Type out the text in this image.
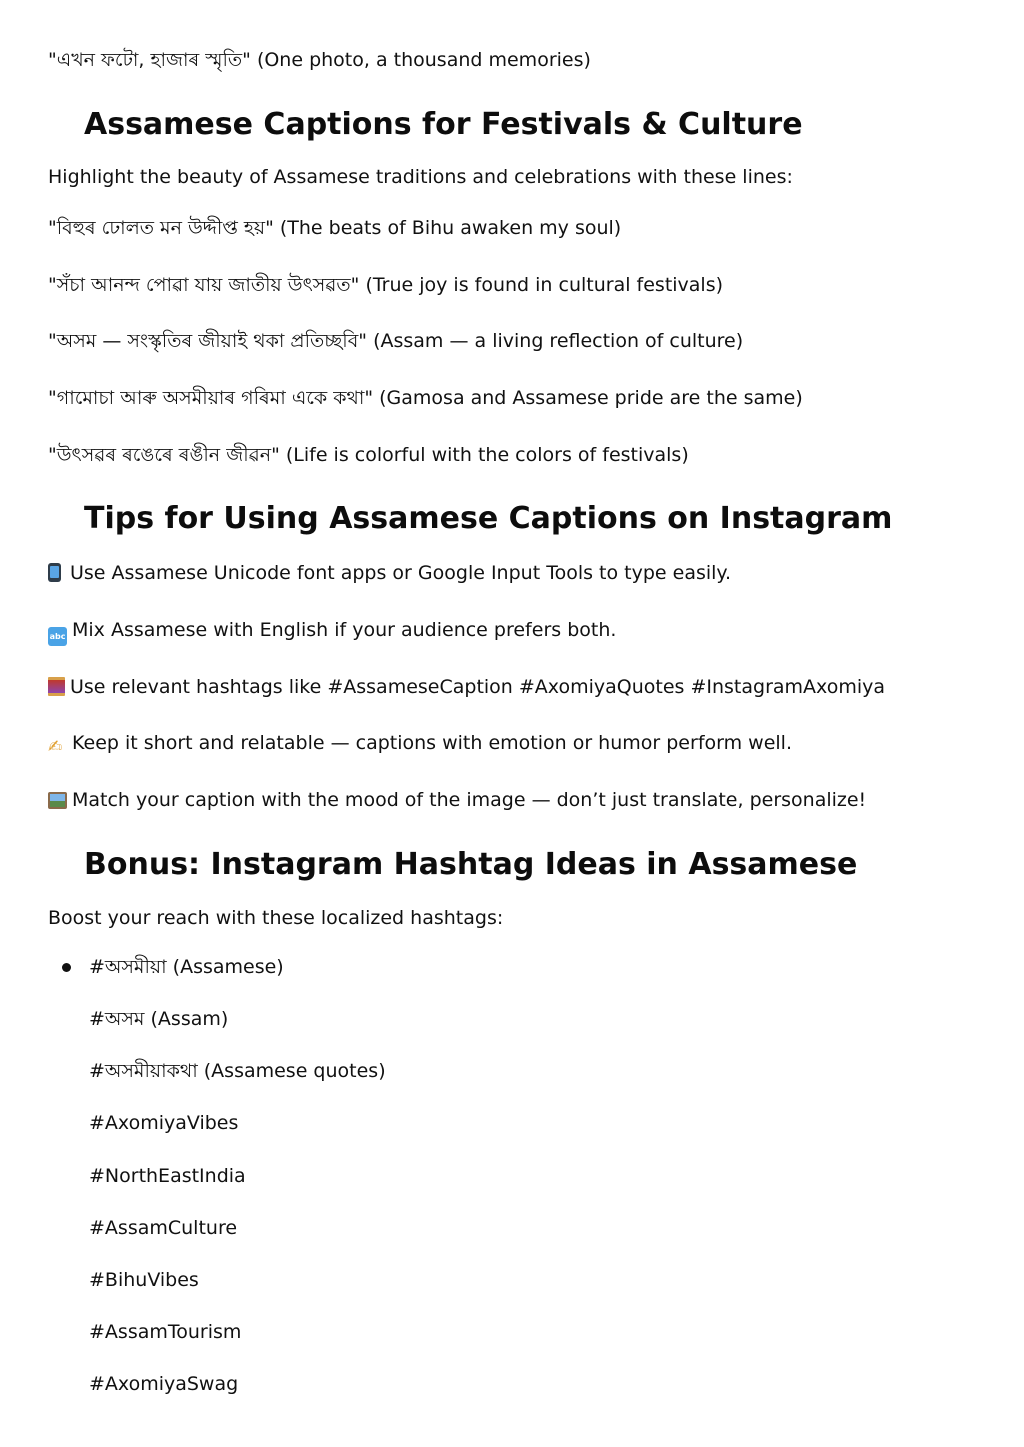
"এখন ফটো, হাজাৰ স্মৃতি" (One photo, a thousand memories)
Assamese Captions for Festivals & Culture
Highlight the beauty of Assamese traditions and celebrations with these lines:
"বিহুৰ ঢোলত মন উদ্দীপ্ত হয়" (The beats of Bihu awaken my soul)
"সঁচা আনন্দ পোৱা যায় জাতীয় উৎসৱত" (True joy is found in cultural festivals)
"অসম — সংস্কৃতিৰ জীয়াই থকা প্ৰতিচ্ছবি" (Assam — a living reflection of culture)
"গামোচা আৰু অসমীয়াৰ গৰিমা একে কথা" (Gamosa and Assamese pride are the same)
"উৎসৱৰ ৰঙেৰে ৰঙীন জীৱন" (Life is colorful with the colors of festivals)
Tips for Using Assamese Captions on Instagram
Use Assamese Unicode font apps or Google Input Tools to type easily.
abc Mix Assamese with English if your audience prefers both.
Use relevant hashtags like #AssameseCaption #AxomiyaQuotes #InstagramAxomiya
✍ Keep it short and relatable — captions with emotion or humor perform well.
Match your caption with the mood of the image — don’t just translate, personalize!
Bonus: Instagram Hashtag Ideas in Assamese
Boost your reach with these localized hashtags:
#অসমীয়া (Assamese)
#অসম (Assam)
#অসমীয়াকথা (Assamese quotes)
#AxomiyaVibes
#NorthEastIndia
#AssamCulture
#BihuVibes
#AssamTourism
#AxomiyaSwag
